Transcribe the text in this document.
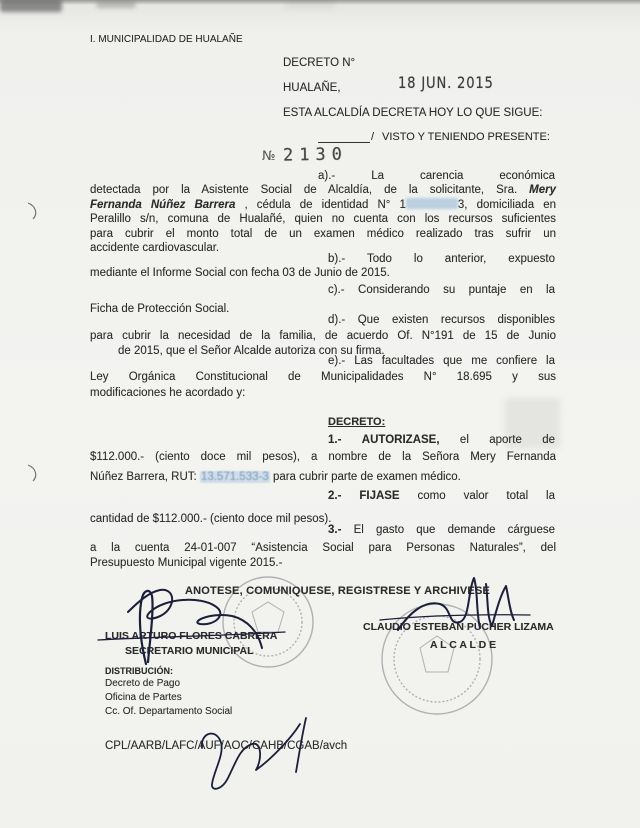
I. MUNICIPALIDAD DE HUALAÑE
DECRETO N°
HUALAÑE,	18 JUN. 2015
ESTA ALCALDÍA DECRETA HOY LO QUE SIGUE:
/ VISTO Y TENIENDO PRESENTE:
№ 2130
a).-	La carencia económica
detectada por la Asistente Social de Alcaldía, de la solicitante, Sra. Mery
Fernanda Núñez Barrera , cédula de identidad N° 1	3, domiciliada en
Peralillo s/n, comuna de Hualañé, quien no cuenta con los recursos suficientes
para cubrir el monto total de un examen médico realizado tras sufrir un
accidente cardiovascular.
b).- Todo lo anterior, expuesto
mediante el Informe Social con fecha 03 de Junio de 2015.
c).- Considerando su puntaje en la
Ficha de Protección Social.
d).- Que existen recursos disponibles
para cubrir la necesidad de la familia, de acuerdo Of. N°191 de 15 de Junio
de 2015, que el Señor Alcalde autoriza con su firma.
e).- Las facultades que me confiere la
Ley Orgánica Constitucional de Municipalidades N° 18.695 y sus
modificaciones he acordado y:
DECRETO:
1.- AUTORIZASE, el aporte de
$112.000.- (ciento doce mil pesos), a nombre de la Señora Mery Fernanda
Núñez Barrera, RUT: 13.571.533-3 para cubrir parte de examen médico.
2.- FIJASE como valor total la
cantidad de $112.000.- (ciento doce mil pesos).
3.- El gasto que demande cárguese
a la cuenta 24-01-007 “Asistencia Social para Personas Naturales”, del
Presupuesto Municipal vigente 2015.-
ANOTESE, COMUNIQUESE, REGISTRESE Y ARCHIVESE
LUIS ARTURO FLORES CABRERA
SECRETARIO MUNICIPAL
CLAUDIO ESTEBAN PUCHER LIZAMA
A L C A L D E
DISTRIBUCIÓN:
Decreto de Pago
Oficina de Partes
Cc. Of. Departamento Social
CPL/AARB/LAFC/AUF/AOC/CAHB/CGAB/avch
